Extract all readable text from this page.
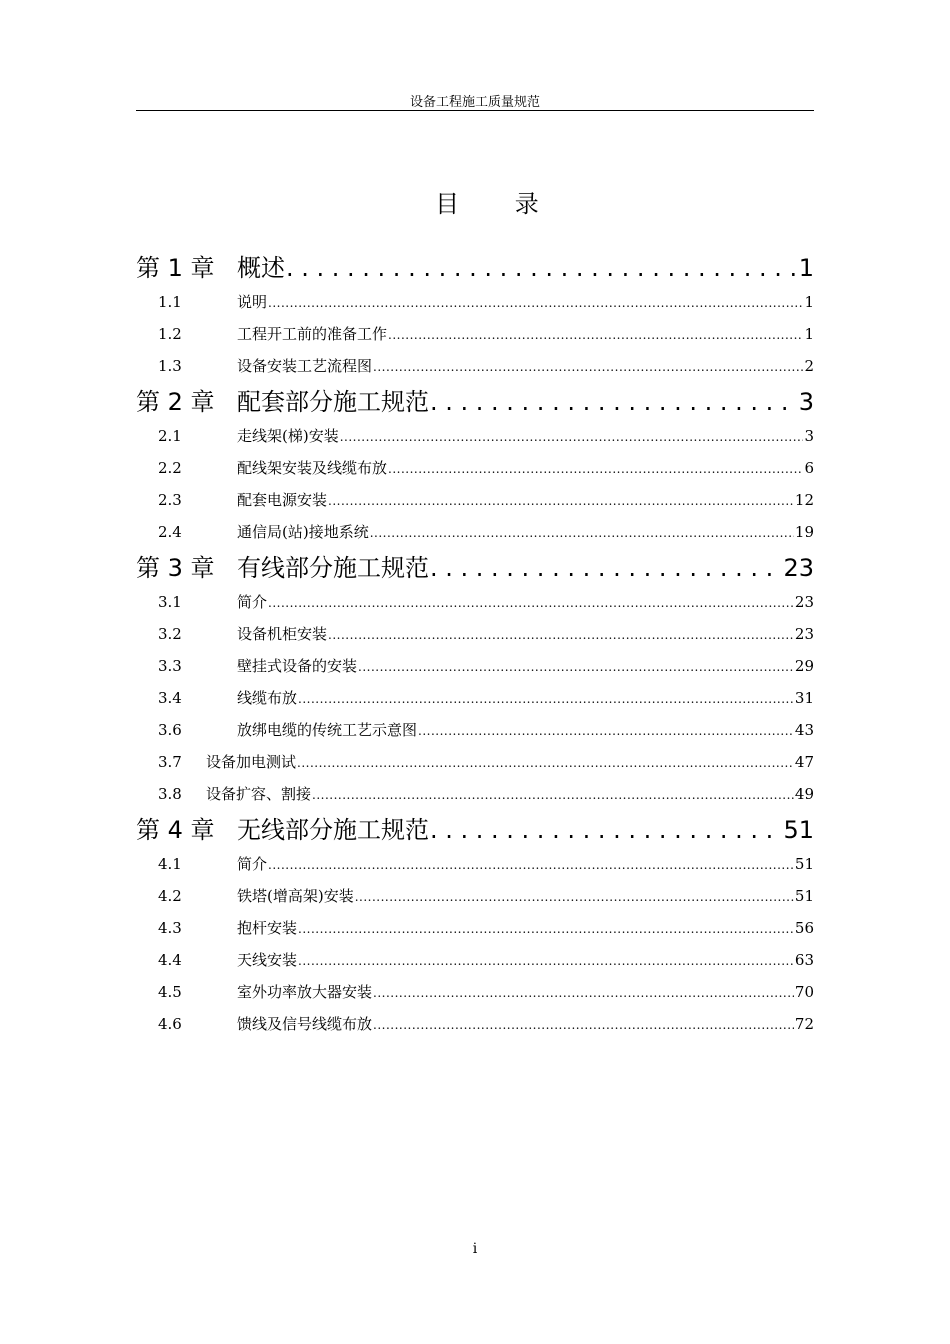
设备工程施工质量规范
目 录
第 1 章 概述 . . .	1
1.1	说明 .....	1
1.2	工程开工前的准备工作 .....	1
1.3	设备安装工艺流程图 .....	2
第 2 章 配套部分施工规范 . . .	3
2.1	走线架(梯)安装 .....	3
2.2	配线架安装及线缆布放 .....	6
2.3	配套电源安装 .....	12
2.4	通信局(站)接地系统 .....	19
第 3 章 有线部分施工规范 . . .	23
3.1	简介 .....	23
3.2	设备机柜安装 .....	23
3.3	壁挂式设备的安装 .....	29
3.4	线缆布放 .....	31
3.6	放绑电缆的传统工艺示意图 .....	43
3.7	设备加电测试 .....	47
3.8	设备扩容、割接 .....	49
第 4 章 无线部分施工规范 . . .	51
4.1	简介 .....	51
4.2	铁塔(增高架)安装 .....	51
4.3	抱杆安装 .....	56
4.4	天线安装 .....	63
4.5	室外功率放大器安装 .....	70
4.6	馈线及信号线缆布放 .....	72
i
